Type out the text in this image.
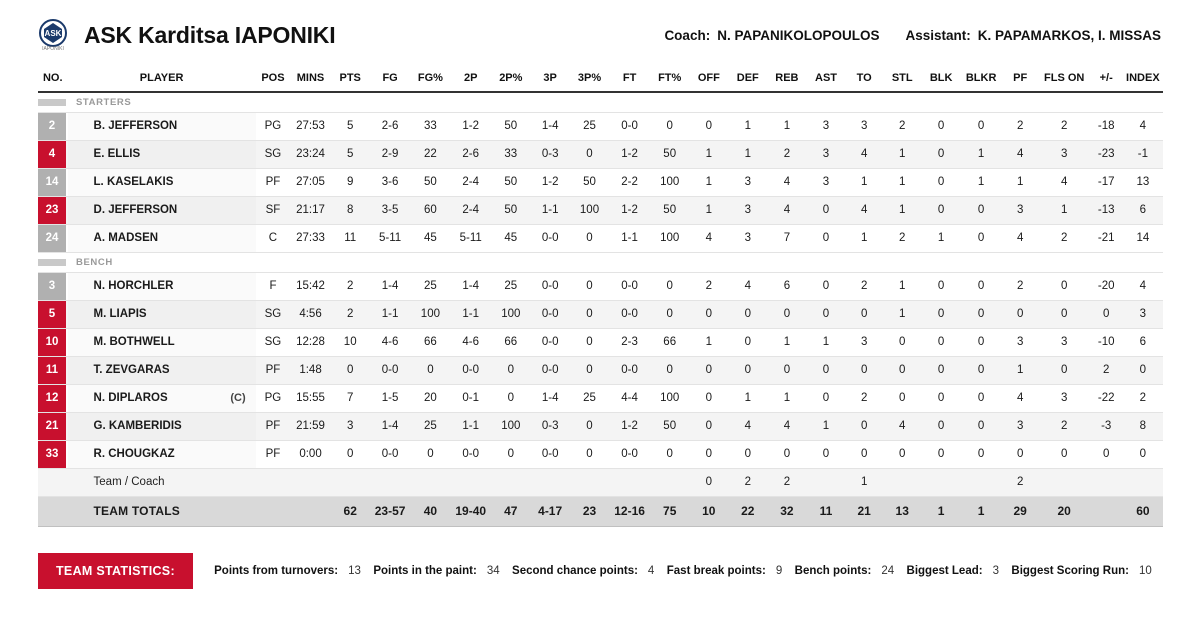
ASK
IAPONIKI
ASK Karditsa IAPONIKI	Coach: N. PAPANIKOLOPOULOS Assistant: K. PAPAMARKOS, I. MISSAS
NO.	PLAYER	POS	MINS	PTS	FG	FG%	2P	2P%	3P	3P%	FT	FT%	OFF	DEF	REB	AST	TO	STL	BLK	BLKR	PF	FLS ON	+/-	INDEX

STARTERS																								

2	B. JEFFERSON	PG	27:53	5	2-6	33	1-2	50	1-4	25	0-0	0	0	1	1	3	3	2	0	0	2	2	-18	4

4	E. ELLIS	SG	23:24	5	2-9	22	2-6	33	0-3	0	1-2	50	1	1	2	3	4	1	0	1	4	3	-23	-1

14	L. KASELAKIS	PF	27:05	9	3-6	50	2-4	50	1-2	50	2-2	100	1	3	4	3	1	1	0	1	1	4	-17	13

23	D. JEFFERSON	SF	21:17	8	3-5	60	2-4	50	1-1	100	1-2	50	1	3	4	0	4	1	0	0	3	1	-13	6

24	A. MADSEN	C	27:33	11	5-11	45	5-11	45	0-0	0	1-1	100	4	3	7	0	1	2	1	0	4	2	-21	14

BENCH																								

3	N. HORCHLER	F	15:42	2	1-4	25	1-4	25	0-0	0	0-0	0	2	4	6	0	2	1	0	0	2	0	-20	4

5	M. LIAPIS	SG	4:56	2	1-1	100	1-1	100	0-0	0	0-0	0	0	0	0	0	0	1	0	0	0	0	0	3

10	M. BOTHWELL	SG	12:28	10	4-6	66	4-6	66	0-0	0	2-3	66	1	0	1	1	3	0	0	0	3	3	-10	6

11	T. ZEVGARAS	PF	1:48	0	0-0	0	0-0	0	0-0	0	0-0	0	0	0	0	0	0	0	0	0	1	0	2	0

12	N. DIPLAROS (C)	PG	15:55	7	1-5	20	0-1	0	1-4	25	4-4	100	0	1	1	0	2	0	0	0	4	3	-22	2

21	G. KAMBERIDIS	PF	21:59	3	1-4	25	1-1	100	0-3	0	1-2	50	0	4	4	1	0	4	0	0	3	2	-3	8

33	R. CHOUGKAZ	PF	0:00	0	0-0	0	0-0	0	0-0	0	0-0	0	0	0	0	0	0	0	0	0	0	0	0	0
	Team / Coach												0	2	2		1				2			
	TEAM TOTALS			62	23-57	40	19-40	47	4-17	23	12-16	75	10	22	32	11	21	13	1	1	29	20		60
TEAM STATISTICS:	Points from turnovers: 13 Points in the paint: 34 Second chance points: 4 Fast break points: 9 Bench points: 24 Biggest Lead: 3 Biggest Scoring Run: 10
